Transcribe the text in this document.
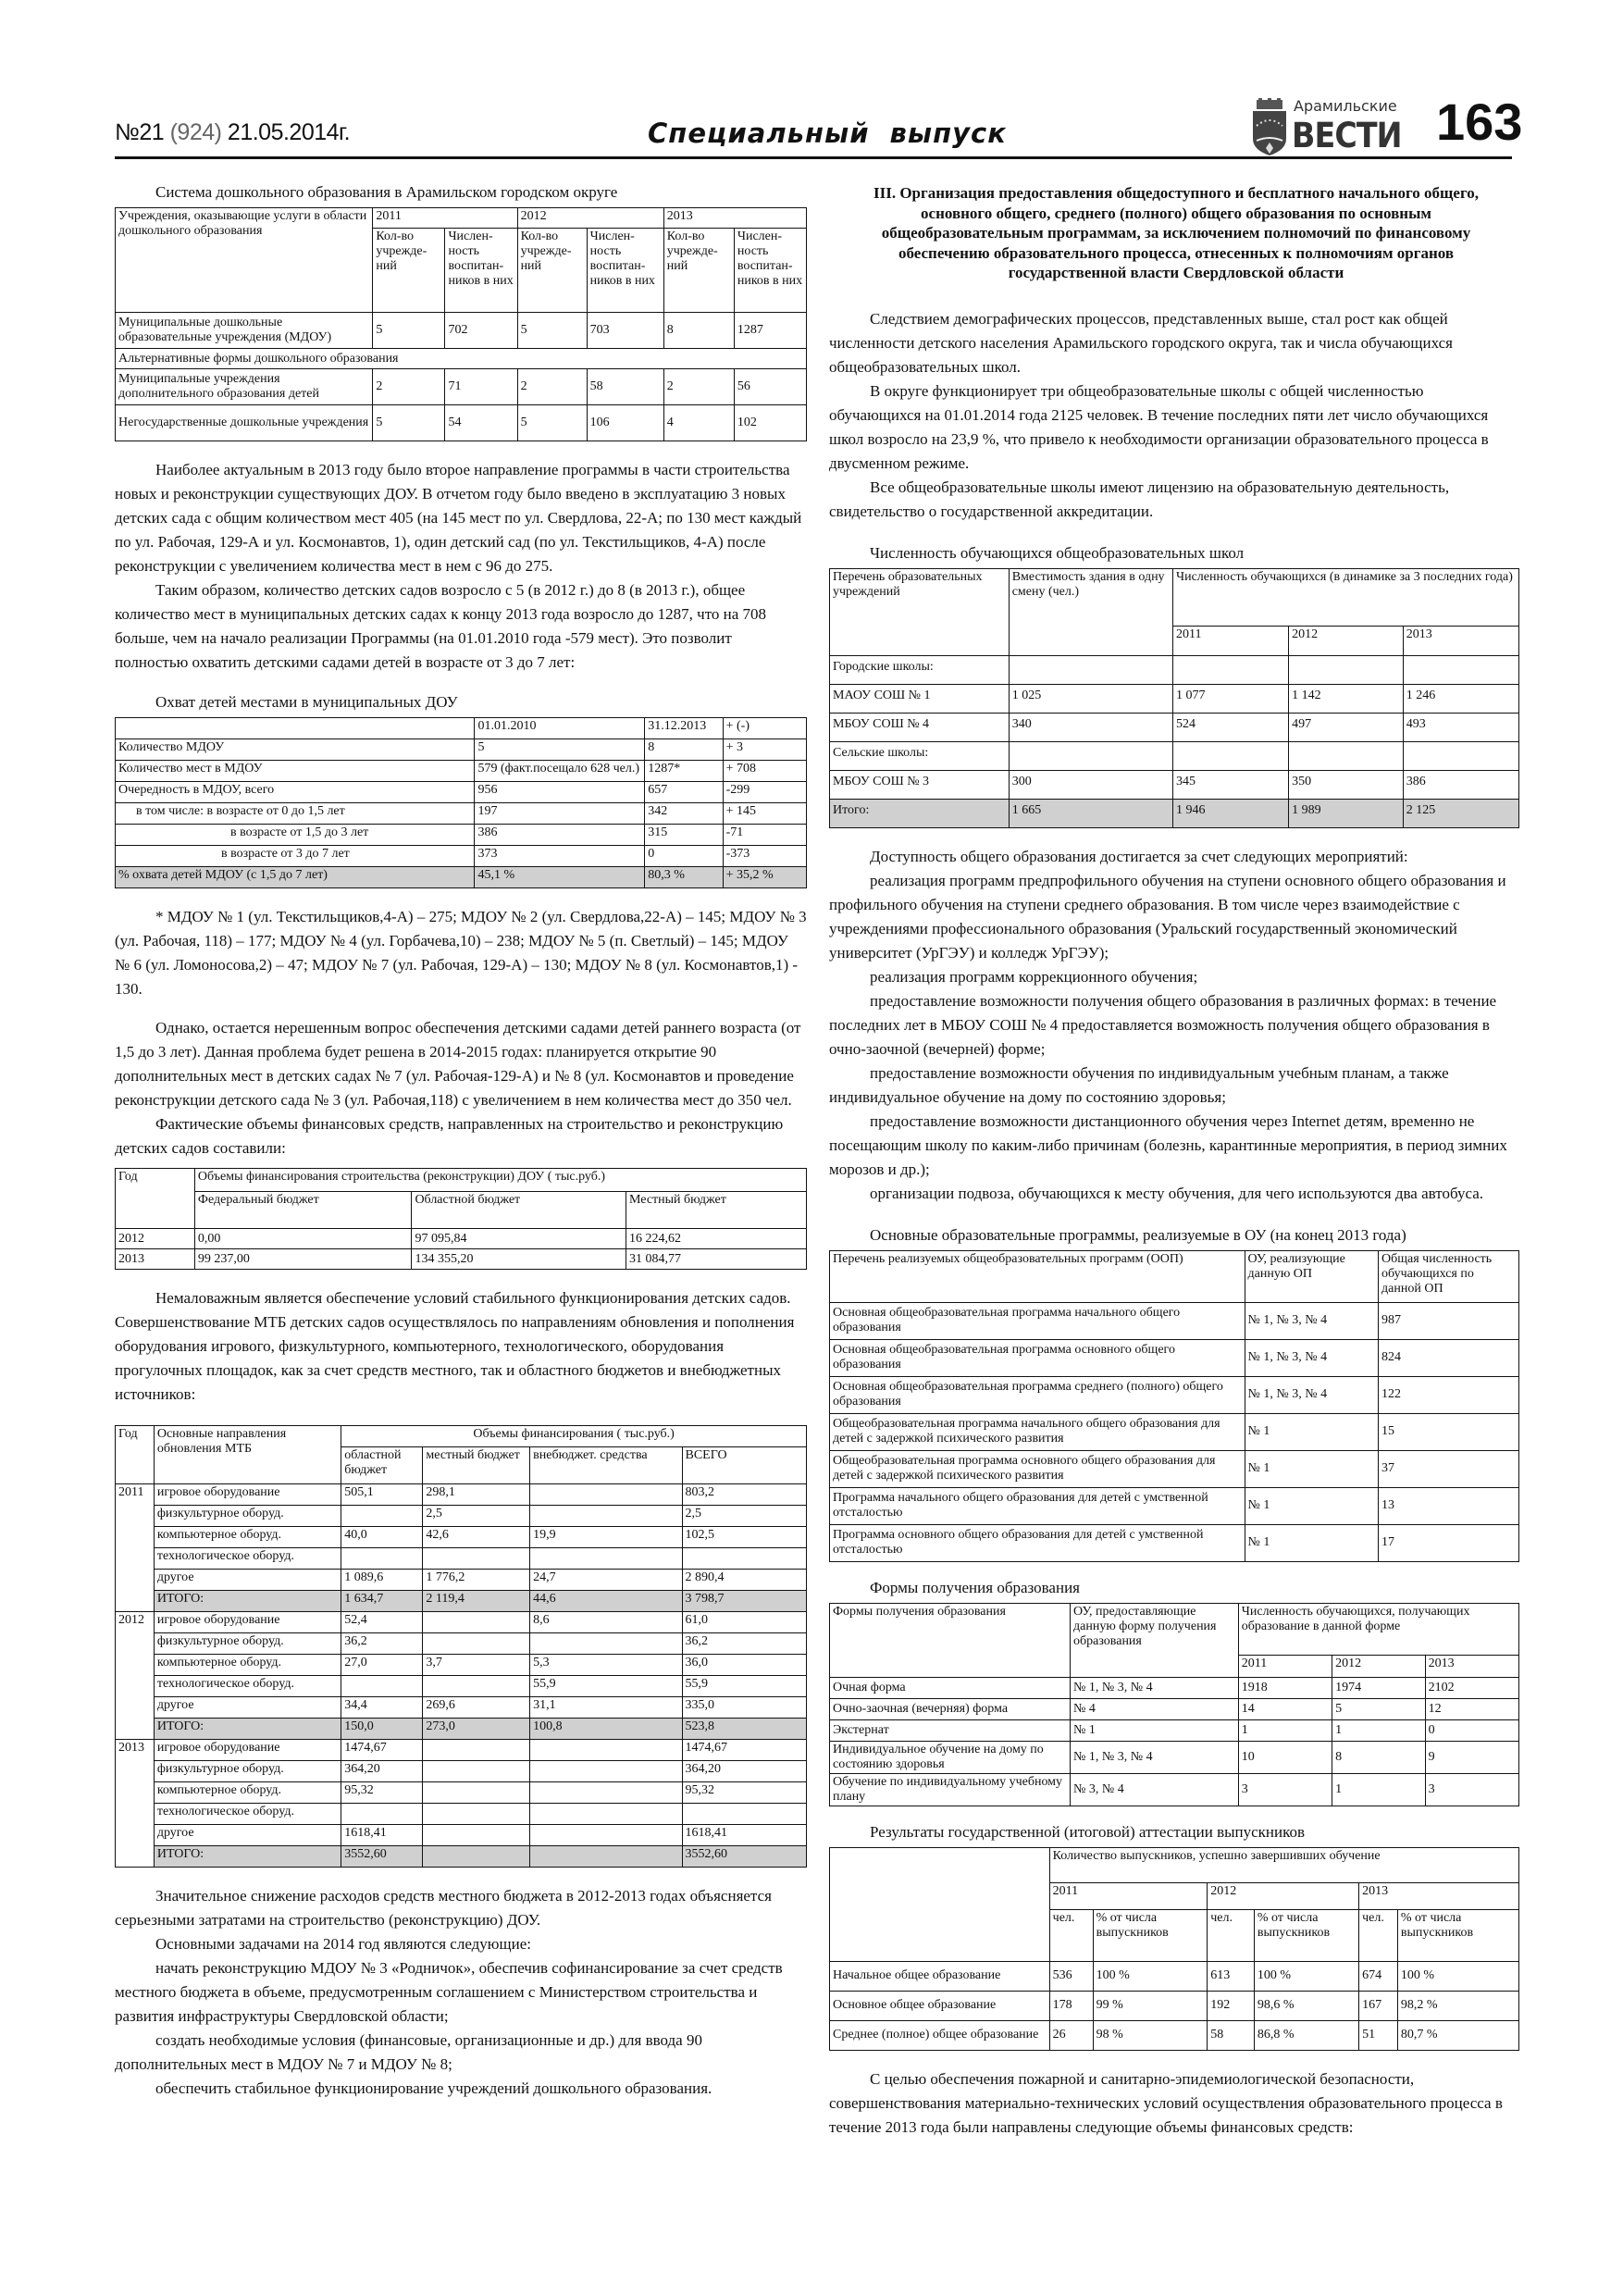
№21 (924) 21.05.2014г.	Специальный выпуск
Арамильские
ВЕСТИ 163
Система дошкольного образования в Арамильском городском округе
Учреждения, оказывающие услуги в области дошкольного образования	2011		2012		2013	
	Кол-во учрежде-ний	Числен-ность воспитан-ников в них	Кол-во учрежде-ний	Числен-ность воспитан-ников в них	Кол-во учрежде-ний	Числен-ность воспитан-ников в них
Муниципальные дошкольные образовательные учреждения (МДОУ)	5	702	5	703	8	1287
Альтернативные формы дошкольного образования						
Муниципальные учреждения дополнительного образования детей	2	71	2	58	2	56
Негосударственные дошкольные учреждения	5	54	5	106	4	102

Наиболее актуальным в 2013 году было второе направление программы в части строительства новых и реконструкции существующих ДОУ. В отчетом году было введено в эксплуатацию 3 новых детских сада с общим количеством мест 405 (на 145 мест по ул. Свердлова, 22-А; по 130 мест каждый по ул. Рабочая, 129-А и ул. Космонавтов, 1), один детский сад (по ул. Текстильщиков, 4-А) после реконструкции с увеличением количества мест в нем с 96 до 275.

Таким образом, количество детских садов возросло с 5 (в 2012 г.) до 8 (в 2013 г.), общее количество мест в муниципальных детских садах к концу 2013 года возросло до 1287, что на 708 больше, чем на начало реализации Программы (на 01.01.2010 года -579 мест). Это позволит полностью охватить детскими садами детей в возрасте от 3 до 7 лет:

Охват детей местами в муниципальных ДОУ
	01.01.2010	31.12.2013	+ (-)
Количество МДОУ	5	8	+ 3
Количество мест в МДОУ	579 (факт.посещало 628 чел.)	1287*	+ 708
Очередность в МДОУ, всего	956	657	-299
в том числе: в возрасте от 0 до 1,5 лет	197	342	+ 145
в возрасте от 1,5 до 3 лет	386	315	-71
в возрасте от 3 до 7 лет	373	0	-373
% охвата детей МДОУ (с 1,5 до 7 лет)	45,1 %	80,3 %	+ 35,2 %

* МДОУ № 1 (ул. Текстильщиков,4-А) – 275; МДОУ № 2 (ул. Свердлова,22-А) – 145; МДОУ № 3 (ул. Рабочая, 118) – 177; МДОУ № 4 (ул. Горбачева,10) – 238; МДОУ № 5 (п. Светлый) – 145; МДОУ № 6 (ул. Ломоносова,2) – 47; МДОУ № 7 (ул. Рабочая, 129-А) – 130; МДОУ № 8 (ул. Космонавтов,1) - 130.

Однако, остается нерешенным вопрос обеспечения детскими садами детей раннего возраста (от 1,5 до 3 лет). Данная проблема будет решена в 2014-2015 годах: планируется открытие 90 дополнительных мест в детских садах № 7 (ул. Рабочая-129-А) и № 8 (ул. Космонавтов и проведение реконструкции детского сада № 3 (ул. Рабочая,118) с увеличением в нем количества мест до 350 чел.

Фактические объемы финансовых средств, направленных на строительство и реконструкцию детских садов составили:

Год	Объемы финансирования строительства (реконструкции) ДОУ ( тыс.руб.)		
	Федеральный бюджет	Областной бюджет	Местный бюджет
2012	0,00	97 095,84	16 224,62
2013	99 237,00	134 355,20	31 084,77

Немаловажным является обеспечение условий стабильного функционирования детских садов. Совершенствование МТБ детских садов осуществлялось по направлениям обновления и пополнения оборудования игрового, физкультурного, компьютерного, технологического, оборудования прогулочных площадок, как за счет средств местного, так и областного бюджетов и внебюджетных источников:

Год	Основные направления обновления МТБ	Объемы финансирования ( тыс.руб.)			
		областной бюджет	местный бюджет	внебюджет. средства	ВСЕГО
2011	игровое оборудование	505,1	298,1		803,2
	физкультурное оборуд.		2,5		2,5
	компьютерное оборуд.	40,0	42,6	19,9	102,5
	технологическое оборуд.				
	другое	1 089,6	1 776,2	24,7	2 890,4
	ИТОГО:	1 634,7	2 119,4	44,6	3 798,7
2012	игровое оборудование	52,4		8,6	61,0
	физкультурное оборуд.	36,2			36,2
	компьютерное оборуд.	27,0	3,7	5,3	36,0
	технологическое оборуд.			55,9	55,9
	другое	34,4	269,6	31,1	335,0
	ИТОГО:	150,0	273,0	100,8	523,8
2013	игровое оборудование	1474,67			1474,67
	физкультурное оборуд.	364,20			364,20
	компьютерное оборуд.	95,32			95,32
	технологическое оборуд.				
	другое	1618,41			1618,41
	ИТОГО:	3552,60			3552,60

Значительное снижение расходов средств местного бюджета в 2012-2013 годах объясняется серьезными затратами на строительство (реконструкцию) ДОУ.

Основными задачами на 2014 год являются следующие:

начать реконструкцию МДОУ № 3 «Родничок», обеспечив софинансирование за счет средств местного бюджета в объеме, предусмотренным соглашением с Министерством строительства и развития инфраструктуры Свердловской области;

создать необходимые условия (финансовые, организационные и др.) для ввода 90 дополнительных мест в МДОУ № 7 и МДОУ № 8;

обеспечить стабильное функционирование учреждений дошкольного образования.

III. Организация предоставления общедоступного и бесплатного начального общего, основного общего, среднего (полного) общего образования по основным общеобразовательным программам, за исключением полномочий по финансовому обеспечению образовательного процесса, отнесенных к полномочиям органов государственной власти Свердловской области

Следствием демографических процессов, представленных выше, стал рост как общей численности детского населения Арамильского городского округа, так и числа обучающихся общеобразовательных школ.

В округе функционирует три общеобразовательные школы с общей численностью обучающихся на 01.01.2014 года 2125 человек. В течение последних пяти лет число обучающихся школ возросло на 23,9 %, что привело к необходимости организации образовательного процесса в двусменном режиме.

Все общеобразовательные школы имеют лицензию на образовательную деятельность, свидетельство о государственной аккредитации.

Численность обучающихся общеобразовательных школ
Перечень образовательных учреждений	Вместимость здания в одну смену (чел.)	Численность обучающихся (в динамике за 3 последних года)		
		2011	2012	2013
Городские школы:				
МАОУ СОШ № 1	1 025	1 077	1 142	1 246
МБОУ СОШ № 4	340	524	497	493
Сельские школы:				
МБОУ СОШ № 3	300	345	350	386
Итого:	1 665	1 946	1 989	2 125

Доступность общего образования достигается за счет следующих мероприятий:

реализация программ предпрофильного обучения на ступени основного общего образования и профильного обучения на ступени среднего образования. В том числе через взаимодействие с учреждениями профессионального образования (Уральский государственный экономический университет (УрГЭУ) и колледж УрГЭУ);

реализация программ коррекционного обучения;

предоставление возможности получения общего образования в различных формах: в течение последних лет в МБОУ СОШ № 4 предоставляется возможность получения общего образования в очно-заочной (вечерней) форме;

предоставление возможности обучения по индивидуальным учебным планам, а также индивидуальное обучение на дому по состоянию здоровья;

предоставление возможности дистанционного обучения через Internet детям, временно не посещающим школу по каким-либо причинам (болезнь, карантинные мероприятия, в период зимних морозов и др.);

организации подвоза, обучающихся к месту обучения, для чего используются два автобуса.

Основные образовательные программы, реализуемые в ОУ (на конец 2013 года)
Перечень реализуемых общеобразовательных программ (ООП)	ОУ, реализующие данную ОП	Общая численность обучающихся по данной ОП
Основная общеобразовательная программа начального общего образования	№ 1, № 3, № 4	987
Основная общеобразовательная программа основного общего образования	№ 1, № 3, № 4	824
Основная общеобразовательная программа среднего (полного) общего образования	№ 1, № 3, № 4	122
Общеобразовательная программа начального общего образования для детей с задержкой психического развития	№ 1	15
Общеобразовательная программа основного общего образования для детей с задержкой психического развития	№ 1	37
Программа начального общего образования для детей с умственной отсталостью	№ 1	13
Программа основного общего образования для детей с умственной отсталостью	№ 1	17
Формы получения образования
Формы получения образования	ОУ, предоставляющие данную форму получения образования	Численность обучающихся, получающих образование в данной форме		
		2011	2012	2013
Очная форма	№ 1, № 3, № 4	1918	1974	2102
Очно-заочная (вечерняя) форма	№ 4	14	5	12
Экстернат	№ 1	1	1	0
Индивидуальное обучение на дому по состоянию здоровья	№ 1, № 3, № 4	10	8	9
Обучение по индивидуальному учебному плану	№ 3, № 4	3	1	3
Результаты государственной (итоговой) аттестации выпускников
	Количество выпускников, успешно завершивших обучение					
	2011		2012		2013	
	чел.	% от числа выпускников	чел.	% от числа выпускников	чел.	% от числа выпускников
Начальное общее образование	536	100 %	613	100 %	674	100 %
Основное общее образование	178	99 %	192	98,6 %	167	98,2 %
Среднее (полное) общее образование	26	98 %	58	86,8 %	51	80,7 %

С целью обеспечения пожарной и санитарно-эпидемиологической безопасности, совершенствования материально-технических условий осуществления образовательного процесса в течение 2013 года были направлены следующие объемы финансовых средств:
